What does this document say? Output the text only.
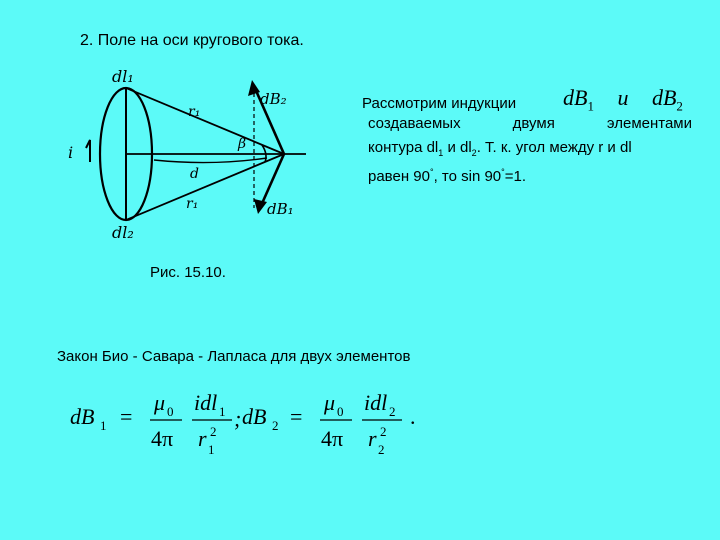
2. Поле на оси кругового тока.
dl₁
dl₂
i
r₁
r₁
β
d
dB₂
dB₁
Рис. 15.10.
Рассмотрим индукции $dB_1$ и $dB_2$
создаваемых двумя элементами
контура $dl_1$ и $dl_2$. Т. к. угол между r и dl
равен 90°, то sin 90°=1.
Закон Био - Савара - Лапласа для двух элементов
dB 1 =
μ 0
4π
idl 1
r 2
1
; dB 2 =
μ 0
4π
idl 2
r 2
2
.
